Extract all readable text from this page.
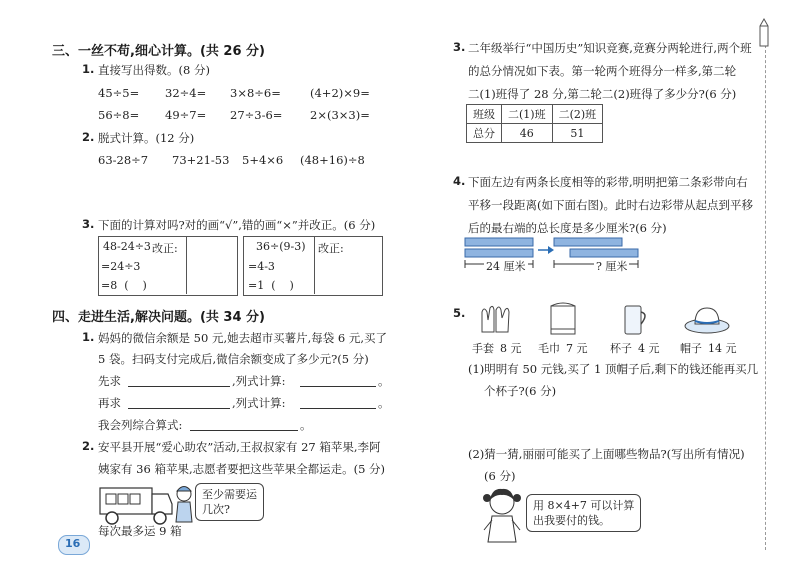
三、一丝不苟,细心计算。(共 26 分)
1. 直接写出得数。(8 分)
45÷5= 32÷4= 3×8÷6=	(4+2)×9=
56÷8= 49÷7= 27÷3-6= 2×(3×3)=
2. 脱式计算。(12 分)
63-28÷7 73+21-53 5+4×6 (48+16)÷8
3. 下面的计算对吗?对的画“√”,错的画“×”并改正。(6 分)
48-24÷3 改正:
=24÷3
=8  (    )
36÷(9-3) 改正:
=4-3
=1  (    )
四、走进生活,解决问题。(共 34 分)
1. 妈妈的微信余额是 50 元,她去超市买薯片,每袋 6 元,买了
5 袋。扫码支付完成后,微信余额变成了多少元?(5 分)
先求	,列式计算:	。
再求	,列式计算:	。
我会列综合算式:	。
2. 安平县开展“爱心助农”活动,王叔叔家有 27 箱苹果,李阿
姨家有 36 箱苹果,志愿者要把这些苹果全都运走。(5 分)
至少需要运
几次?
每次最多运 9 箱
16
3. 二年级举行“中国历史”知识竞赛,竞赛分两轮进行,两个班
的总分情况如下表。第一轮两个班得分一样多,第二轮
二(1)班得了 28 分,第二轮二(2)班得了多少分?(6 分)
班级	二(1)班	二(2)班
总分	46	51
4. 下面左边有两条长度相等的彩带,明明把第二条彩带向右
平移一段距离(如下面右图)。此时右边彩带从起点到平移
后的最右端的总长度是多少厘米?(6 分)
24 厘米	? 厘米
5.
手套 8 元 毛巾 7 元 杯子 4 元 帽子 14 元
(1)明明有 50 元钱,买了 1 顶帽子后,剩下的钱还能再买几
个杯子?(6 分)
(2)猜一猜,丽丽可能买了上面哪些物品?(写出所有情况)
(6 分)
用 8×4+7 可以计算
出我要付的钱。
